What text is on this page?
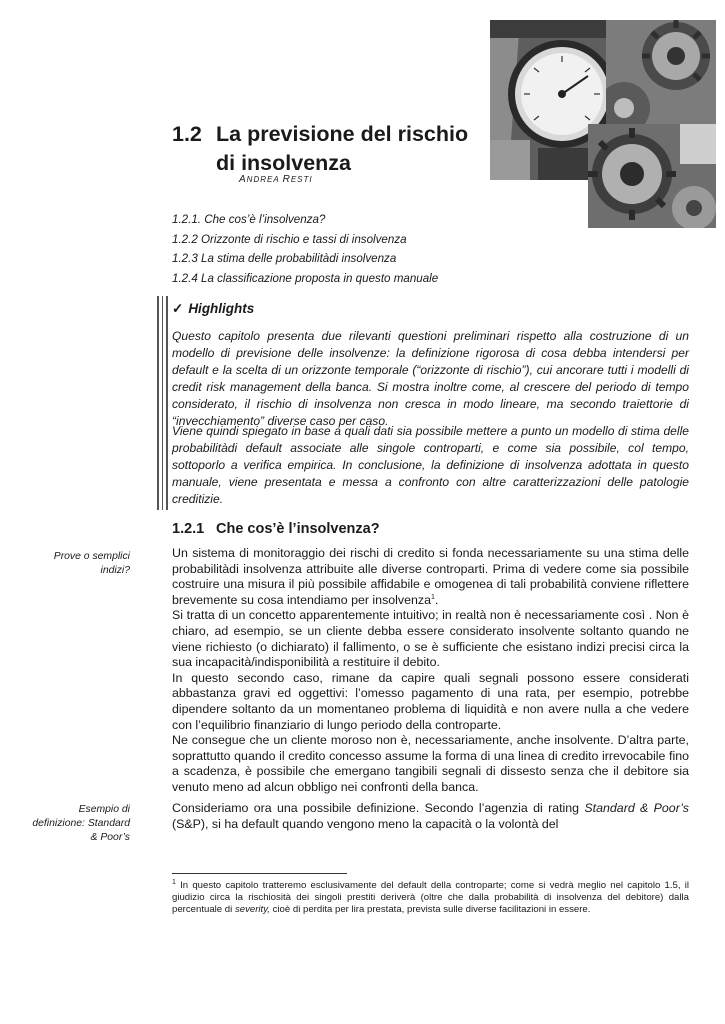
1.2 La previsione del rischio
di insolvenza
ANDREA RESTI
1.2.1. Che cos’è l’insolvenza?
1.2.2 Orizzonte di rischio e tassi di insolvenza
1.2.3 La stima delle probabilitàdi insolvenza
1.2.4 La classificazione proposta in questo manuale
✓ Highlights
Questo capitolo presenta due rilevanti questioni preliminari rispetto alla costruzione di un modello di previsione delle insolvenze: la definizione rigorosa di cosa debba intendersi per default e la scelta di un orizzonte temporale (“orizzonte di rischio”), cui ancorare tutti i modelli di credit risk management della banca. Si mostra inoltre come, al crescere del periodo di tempo considerato, il rischio di insolvenza non cresca in modo lineare, ma secondo traiettorie di “invecchiamento” diverse caso per caso.
Viene quindi spiegato in base a quali dati sia possibile mettere a punto un modello di stima delle probabilitàdi default associate alle singole controparti, e come sia possibile, col tempo, sottoporlo a verifica empirica. In conclusione, la definizione di insolvenza adottata in questo manuale, viene presentata e messa a confronto con altre caratterizzazioni delle patologie creditizie.
1.2.1 Che cos’è l’insolvenza?
Prove o semplici indizi?
Esempio di definizione: Standard & Poor’s
Un sistema di monitoraggio dei rischi di credito si fonda necessariamente su una stima delle probabilitàdi insolvenza attribuite alle diverse controparti. Prima di vedere come sia possibile costruire una misura il più possibile affidabile e omogenea di tali probabilità conviene riflettere brevemente su cosa intendiamo per insolvenza$^1$.
Si tratta di un concetto apparentemente intuitivo; in realtà non è necessariamente così . Non è chiaro, ad esempio, se un cliente debba essere considerato insolvente soltanto quando ne viene richiesto (o dichiarato) il fallimento, o se è sufficiente che esistano indizi precisi circa la sua incapacità/indisponibilità a restituire il debito.
In questo secondo caso, rimane da capire quali segnali possono essere considerati abbastanza gravi ed oggettivi: l’omesso pagamento di una rata, per esempio, potrebbe dipendere soltanto da un momentaneo problema di liquidità e non avere nulla a che vedere con l’equilibrio finanziario di lungo periodo della controparte.
Ne consegue che un cliente moroso non è, necessariamente, anche insolvente. D’altra parte, soprattutto quando il credito concesso assume la forma di una linea di credito irrevocabile fino a scadenza, è possibile che emergano tangibili segnali di dissesto senza che il debitore sia venuto meno ad alcun obbligo nei confronti della banca.
Consideriamo ora una possibile definizione. Secondo l’agenzia di rating Standard & Poor’s (S&P), si ha default quando vengono meno la capacità o la volontà del
$^1$ In questo capitolo tratteremo esclusivamente del default della controparte; come si vedrà meglio nel capitolo 1.5, il giudizio circa la rischiosità dei singoli prestiti deriverà (oltre che dalla probabilità di insolvenza del debitore) dalla percentuale di severity, cioè di perdita per lira prestata, prevista sulle diverse facilitazioni in essere.
